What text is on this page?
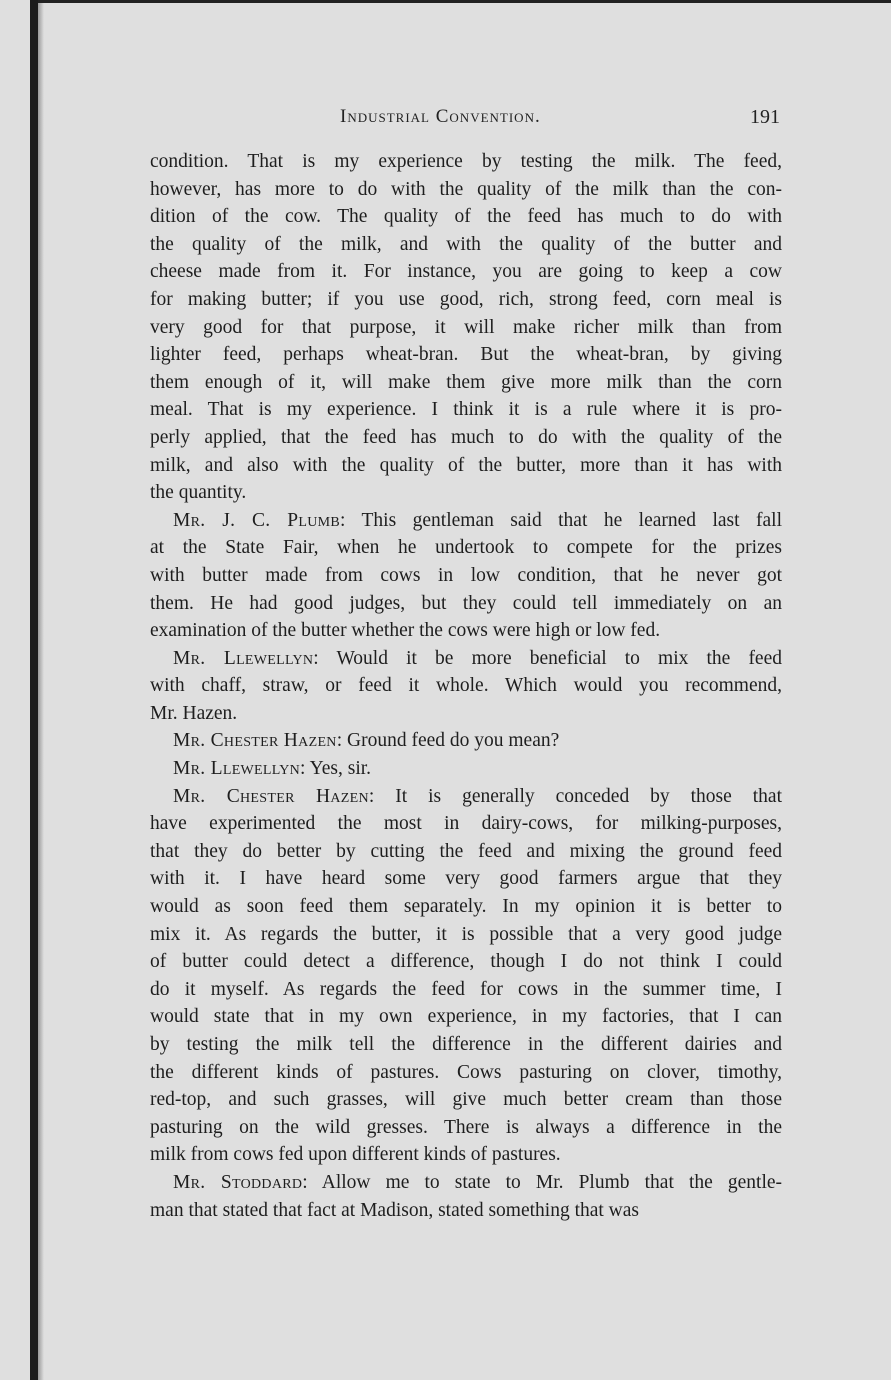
Industrial Convention.	191
condition. That is my experience by testing the milk. The feed,
however, has more to do with the quality of the milk than the con-
dition of the cow. The quality of the feed has much to do with
the quality of the milk, and with the quality of the butter and
cheese made from it. For instance, you are going to keep a cow
for making butter; if you use good, rich, strong feed, corn meal is
very good for that purpose, it will make richer milk than from
lighter feed, perhaps wheat-bran. But the wheat-bran, by giving
them enough of it, will make them give more milk than the corn
meal. That is my experience. I think it is a rule where it is pro-
perly applied, that the feed has much to do with the quality of the
milk, and also with the quality of the butter, more than it has with
the quantity.
Mr. J. C. Plumb: This gentleman said that he learned last fall
at the State Fair, when he undertook to compete for the prizes
with butter made from cows in low condition, that he never got
them. He had good judges, but they could tell immediately on an
examination of the butter whether the cows were high or low fed.
Mr. Llewellyn: Would it be more beneficial to mix the feed
with chaff, straw, or feed it whole. Which would you recommend,
Mr. Hazen.
Mr. Chester Hazen: Ground feed do you mean?
Mr. Llewellyn: Yes, sir.
Mr. Chester Hazen: It is generally conceded by those that
have experimented the most in dairy-cows, for milking-purposes,
that they do better by cutting the feed and mixing the ground feed
with it. I have heard some very good farmers argue that they
would as soon feed them separately. In my opinion it is better to
mix it. As regards the butter, it is possible that a very good judge
of butter could detect a difference, though I do not think I could
do it myself. As regards the feed for cows in the summer time, I
would state that in my own experience, in my factories, that I can
by testing the milk tell the difference in the different dairies and
the different kinds of pastures. Cows pasturing on clover, timothy,
red-top, and such grasses, will give much better cream than those
pasturing on the wild gresses. There is always a difference in the
milk from cows fed upon different kinds of pastures.
Mr. Stoddard: Allow me to state to Mr. Plumb that the gentle-
man that stated that fact at Madison, stated something that was
